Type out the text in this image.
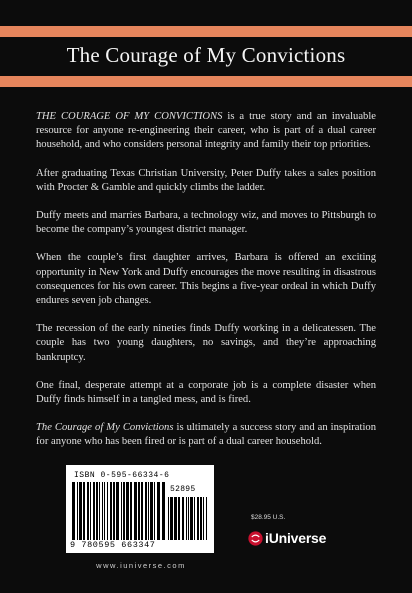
The Courage of My Convictions

THE COURAGE OF MY CONVICTIONS is a true story and an invaluable resource for anyone re-engineering their career, who is part of a dual career household, and who considers personal integrity and family their top priorities.

After graduating Texas Christian University, Peter Duffy takes a sales position with Procter & Gamble and quickly climbs the ladder.

Duffy meets and marries Barbara, a technology wiz, and moves to Pittsburgh to become the company’s youngest district manager.

When the couple’s first daughter arrives, Barbara is offered an exciting opportunity in New York and Duffy encourages the move resulting in disastrous consequences for his own career. This begins a five-year ordeal in which Duffy endures seven job changes.

The recession of the early nineties finds Duffy working in a delicatessen. The couple has two young daughters, no savings, and they’re approaching bankruptcy.

One final, desperate attempt at a corporate job is a complete disaster when Duffy finds himself in a tangled mess, and is fired.

The Courage of My Convictions is ultimately a success story and an inspiration for anyone who has been fired or is part of a dual career household.

ISBN 0-595-66334-6
52895
9 780595 663347
www.iuniverse.com
$28.95 U.S.
iUniverse
